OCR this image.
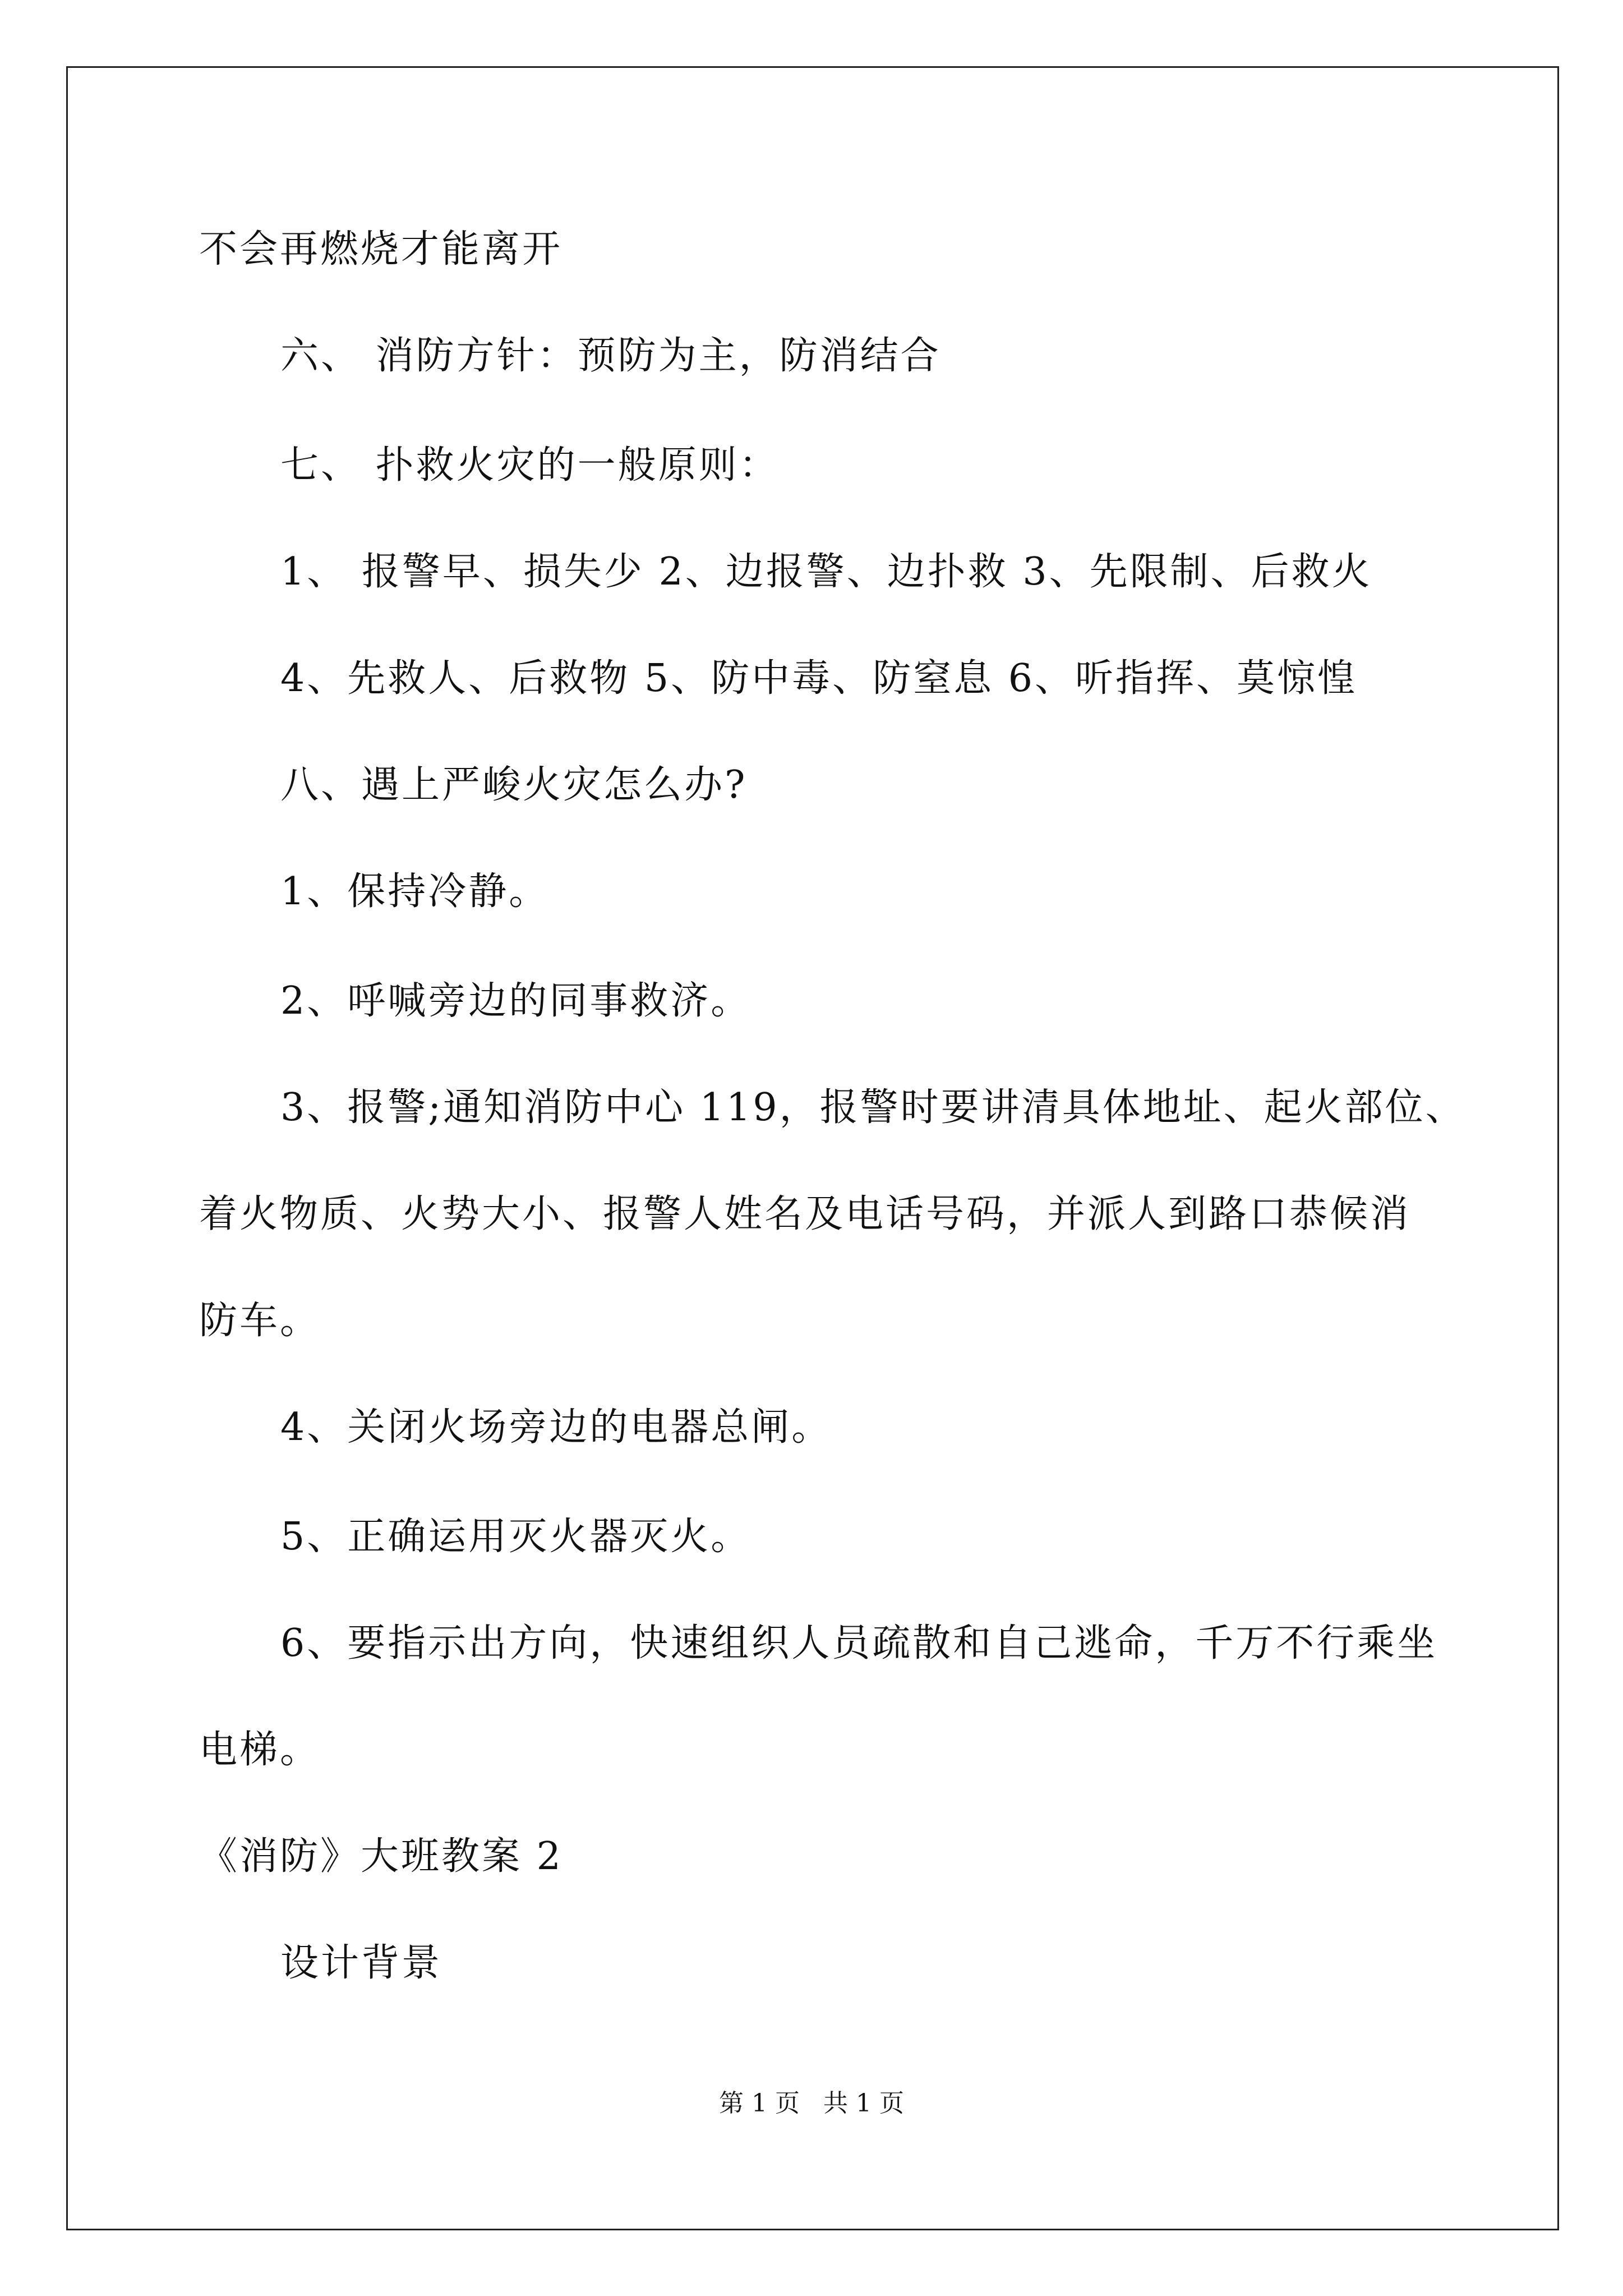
不会再燃烧才能离开
六、 消防方针：预防为主，防消结合
七、 扑救火灾的一般原则：
1、 报警早、损失少 2、边报警、边扑救 3、先限制、后救火
4、先救人、后救物 5、防中毒、防窒息 6、听指挥、莫惊惶
八、遇上严峻火灾怎么办?
1、保持冷静。
2、呼喊旁边的同事救济。
3、报警;通知消防中心 119，报警时要讲清具体地址、起火部位、
着火物质、火势大小、报警人姓名及电话号码，并派人到路口恭候消
防车。
4、关闭火场旁边的电器总闸。
5、正确运用灭火器灭火。
6、要指示出方向，快速组织人员疏散和自己逃命，千万不行乘坐
电梯。
《消防》大班教案 2
设计背景
第 1 页   共 1 页
